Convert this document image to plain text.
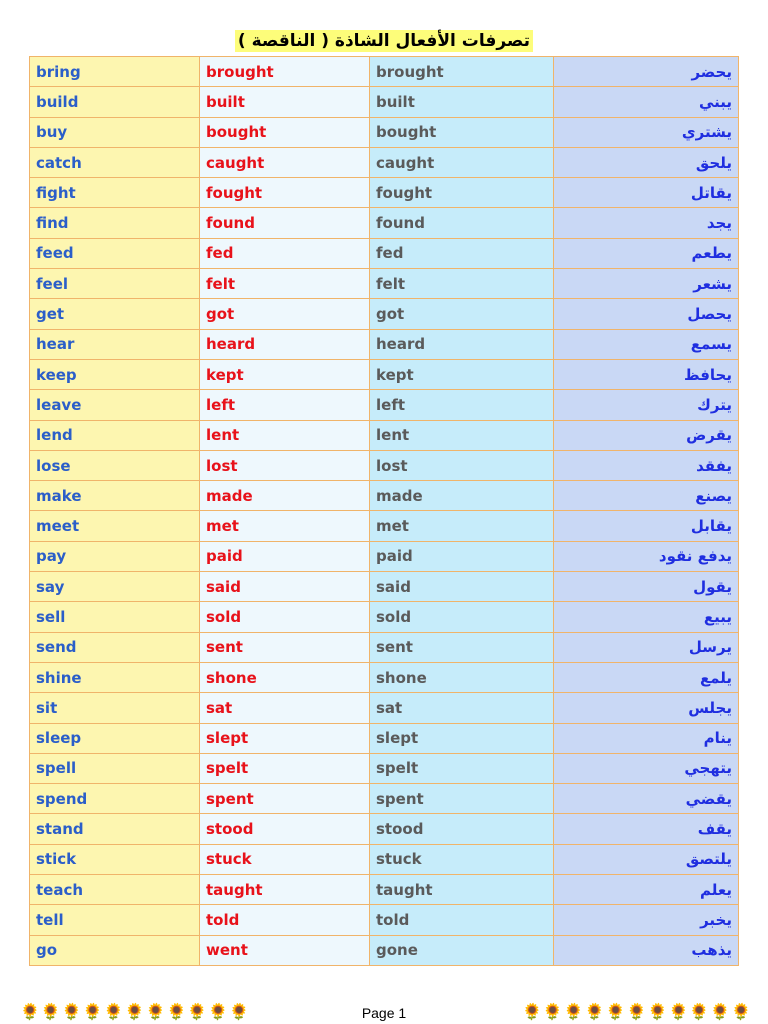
تصرفات الأفعال الشاذة ( الناقصة )
bring	brought	brought	يحضر
build	built	built	يبني
buy	bought	bought	يشتري
catch	caught	caught	يلحق
fight	fought	fought	يقاتل
find	found	found	يجد
feed	fed	fed	يطعم
feel	felt	felt	يشعر
get	got	got	يحصل
hear	heard	heard	يسمع
keep	kept	kept	يحافظ
leave	left	left	يترك
lend	lent	lent	يقرض
lose	lost	lost	يفقد
make	made	made	يصنع
meet	met	met	يقابل
pay	paid	paid	يدفع نقود
say	said	said	يقول
sell	sold	sold	يبيع
send	sent	sent	يرسل
shine	shone	shone	يلمع
sit	sat	sat	يجلس
sleep	slept	slept	ينام
spell	spelt	spelt	يتهجي
spend	spent	spent	يقضي
stand	stood	stood	يقف
stick	stuck	stuck	يلتصق
teach	taught	taught	يعلم
tell	told	told	يخبر
go	went	gone	يذهب
🌻🌻🌻🌻🌻🌻🌻🌻🌻🌻🌻	Page 1	🌻🌻🌻🌻🌻🌻🌻🌻🌻🌻🌻
